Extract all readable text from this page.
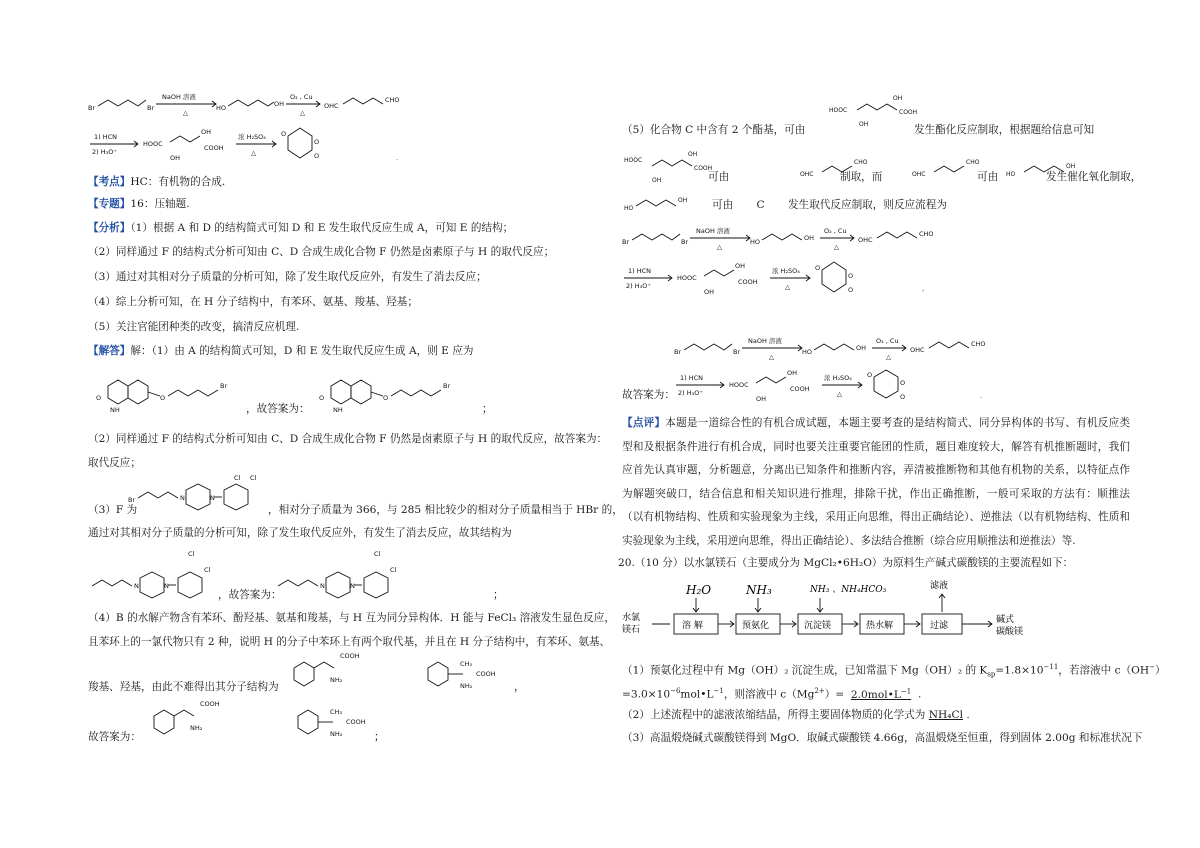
Br	Br
NaOH 溶液
△
HO	OH
O₂ , Cu
△
OHC
CHO
1) HCN
2) H₃O⁺
HOOC
OH
COOH
OH
浓 H₂SO₄
△
O
O
O	.
【考点】HC：有机物的合成.
【专题】16：压轴题.
【分析】（1）根据 A 和 D 的结构简式可知 D 和 E 发生取代反应生成 A，可知 E 的结构；
（2）同样通过 F 的结构式分析可知由 C、D 合成生成化合物 F 仍然是卤素原子与 H 的取代反应；
（3）通过对其相对分子质量的分析可知，除了发生取代反应外，有发生了消去反应；
（4）综上分析可知，在 H 分子结构中，有苯环、氨基、羧基、羟基；
（5）关注官能团种类的改变，搞清反应机理.
【解答】解：（1）由 A 的结构简式可知，D 和 E 发生取代反应生成 A，则 E 应为
O
NH
O
Br
O
NH
O
Br
，故答案为：	；
（2）同样通过 F 的结构式分析可知由 C、D 合成生成化合物 F 仍然是卤素原子与 H 的取代反应，故答案为：
取代反应；
（3）F 为
Br	N	N
Cl Cl
，相对分子质量为 366，与 285 相比较少的相对分子质量相当于 HBr 的，
通过对其相对分子质量的分析可知，除了发生取代反应外，有发生了消去反应，故其结构为
N	N
Cl
Cl
N	N
Cl
Cl
，故答案为：	；
（4）B 的水解产物含有苯环、酚羟基、氨基和羧基，与 H 互为同分异构体．H 能与 FeCl₃ 溶液发生显色反应，
且苯环上的一氯代物只有 2 种，说明 H 的分子中苯环上有两个取代基，并且在 H 分子结构中，有苯环、氨基、
COOH
NH₂
CH₃
COOH
NH₂
羧基、羟基，由此不难得出其分子结构为	，
COOH
NH₂
CH₃
COOH
NH₂
故答案为：	；
HOOC
OH
COOH
OH
（5）化合物 C 中含有 2 个酯基，可由	发生酯化反应制取，根据题给信息可知
HOOC
OH
COOH
OH
OHC
CHO
OHC
CHO
HO
OH
可由	制取，而	可由	发生催化氧化制取，
HO
OH 可由 C 发生取代反应制取，则反应流程为
Br	Br
NaOH 溶液
△
HO	OH
O₂ , Cu
△
OHC
CHO
1) HCN
2) H₃O⁺
HOOC
OH
COOH
OH
浓 H₂SO₄
△
O
O
O	，
Br	Br
NaOH 溶液
△
HO	OH
O₂ , Cu
△
OHC
CHO
1) HCN
2) H₃O⁺
HOOC
OH
COOH
OH
浓 H₂SO₄
△
O
O
O	.
故答案为：
【点评】本题是一道综合性的有机合成试题，本题主要考查的是结构简式、同分异构体的书写、有机反应类型和及根据条件进行有机合成，同时也要关注重要官能团的性质，题目难度较大，解答有机推断题时，我们应首先认真审题，分析题意，分离出已知条件和推断内容，弄清被推断物和其他有机物的关系，以特征点作为解题突破口，结合信息和相关知识进行推理，排除干扰，作出正确推断，一般可采取的方法有：顺推法（以有机物结构、性质和实验现象为主线，采用正向思维，得出正确结论）、逆推法（以有机物结构、性质和实验现象为主线，采用逆向思维，得出正确结论）、多法结合推断（综合应用顺推法和逆推法）等.
20.（10 分）以水氯镁石（主要成分为 MgCl₂•6H₂O）为原料生产碱式碳酸镁的主要流程如下：
水氯镁石	溶 解	预氨化	沉淀镁	热水解	过滤
H₂O	NH₃	NH₃ 、NH₄HCO₃	滤液
碱式碳酸镁
（1）预氨化过程中有 Mg（OH）₂ 沉淀生成，已知常温下 Mg（OH）₂ 的 $K_{sp}=1.8\times 10^{-11}$，若溶液中 c（OH−）
$=3.0\times 10^{-6}mol•L^{-1}$，则溶液中 $c(Mg^{2+})=$ $2.0mol•L^{-1}$ .
（2）上述流程中的滤液浓缩结晶，所得主要固体物质的化学式为 NH₄Cl .
（3）高温煅烧碱式碳酸镁得到 MgO．取碱式碳酸镁 4.66g，高温煅烧至恒重，得到固体 2.00g 和标准状况下
